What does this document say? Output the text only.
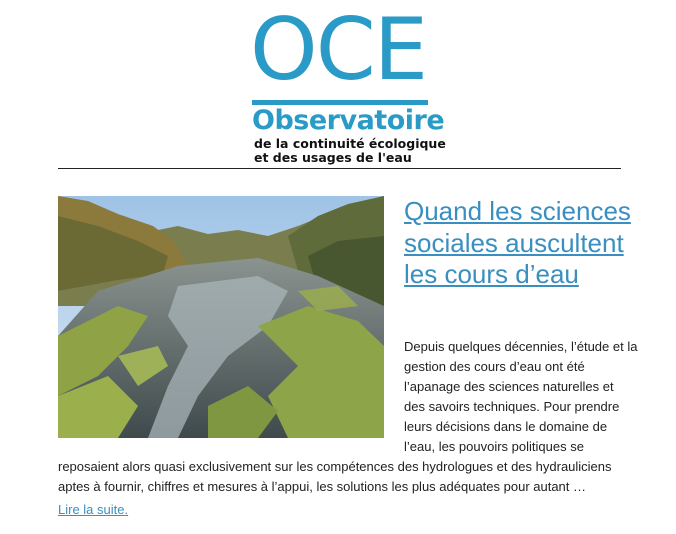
OCE
Observatoire
de la continuité écologique
et des usages de l'eau
Quand les sciences sociales auscultent les cours d’eau

Depuis quelques décennies, l’étude et la gestion des cours d’eau ont été l’apanage des sciences naturelles et des savoirs techniques. Pour prendre leurs décisions dans le domaine de l’eau, les pouvoirs politiques se reposaient alors quasi exclusivement sur les compétences des hydrologues et des hydrauliciens aptes à fournir, chiffres et mesures à l’appui, les solutions les plus adéquates pour autant …

Lire la suite.
